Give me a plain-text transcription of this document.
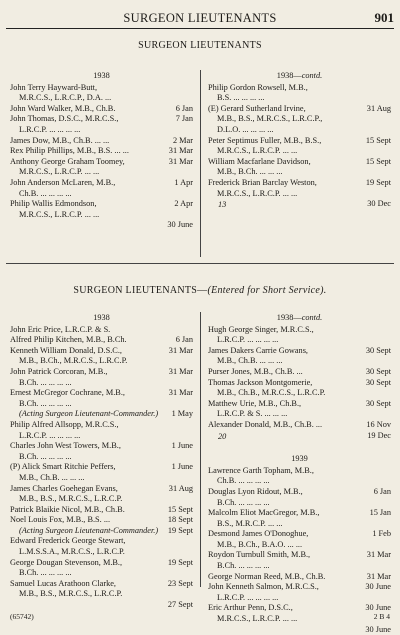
SURGEON LIEUTENANTS	901
SURGEON LIEUTENANTS
1938
John Terry Hayward-Butt,
M.R.C.S., L.R.C.P., D.A. ...
6 Jan
John Ward Walker, M.B., Ch.B.
7 Jan
John Thomas, D.S.C., M.R.C.S.,
L.R.C.P. ... ... ... ...
2 Mar
James Dow, M.B., Ch.B. ... ...
31 Mar
Rex Philip Phillips, M.B., B.S. ... ...
31 Mar
Anthony George Graham Toomey,
M.R.C.S., L.R.C.P. ... ...
1 Apr
John Anderson McLaren, M.B.,
Ch.B. ... ... ... ...
2 Apr
Philip Wallis Edmondson,
M.R.C.S., L.R.C.P. ... ...
30 June
1938—contd.
Philip Gordon Rowsell, M.B.,
B.S. ... ... ... ...
31 Aug
(E) Gerard Sutherland Irvine,
M.B., B.S., M.R.C.S., L.R.C.P.,
D.L.O. ... ... ... ...
15 Sept
Peter Septimus Fuller, M.B., B.S.,
M.R.C.S., L.R.C.P. ... ...
15 Sept
William Macfarlane Davidson,
M.B., B.Ch. ... ... ...
19 Sept
Frederick Brian Barclay Weston,
M.R.C.S., L.R.C.P. ... ...
30 Dec
13
SURGEON LIEUTENANTS—(Entered for Short Service).
1938
John Eric Price, L.R.C.P. & S.
6 Jan
Alfred Philip Kitchen, M.B., B.Ch.
31 Mar
Kenneth William Donald, D.S.C.,
M.B., B.Ch., M.R.C.S., L.R.C.P.
31 Mar
John Patrick Corcoran, M.B.,
B.Ch. ... ... ... ...
31 Mar
Ernest McGregor Cochrane, M.B.,
B.Ch. ... ... ... ...
1 May
(Acting Surgeon Lieutenant-Commander.)
Philip Alfred Allsopp, M.R.C.S.,
L.R.C.P. ... ... ... ...
1 June
Charles John West Towers, M.B.,
B.Ch. ... ... ... ...
1 June
(P) Alick Smart Ritchie Peffers,
M.B., Ch.B. ... ... ...
31 Aug
James Charles Goehegan Evans,
M.B., B.S., M.R.C.S., L.R.C.P.
15 Sept
Patrick Blaikie Nicol, M.B., Ch.B.
18 Sept
Noel Louis Fox, M.B., B.S. ...
19 Sept
(Acting Surgeon Lieutenant-Commander.)
Edward Frederick George Stewart,
L.M.S.S.A., M.R.C.S., L.R.C.P.
19 Sept
George Dougan Stevenson, M.B.,
B.Ch. ... ... ... ...
23 Sept
Samuel Lucas Arathoon Clarke,
M.B., B.S., M.R.C.S., L.R.C.P.
27 Sept
1938—contd.
Hugh George Singer, M.R.C.S.,
L.R.C.P. ... ... ... ...
30 Sept
James Dakers Carrie Gowans,
M.B., Ch.B. ... ... ...
30 Sept
Purser Jones, M.B., Ch.B. ...
30 Sept
Thomas Jackson Montgomerie,
M.B., Ch.B., M.R.C.S., L.R.C.P.
30 Sept
Matthew Urie, M.B., Ch.B.,
L.R.C.P. & S. ... ... ...
16 Nov
Alexander Donald, M.B., Ch.B. ...
19 Dec
20
1939
Lawrence Garth Topham, M.B.,
Ch.B. ... ... ... ...
6 Jan
Douglas Lyon Ridout, M.B.,
B.Ch. ... ... ... ...
15 Jan
Malcolm Eliot MacGregor, M.B.,
B.S., M.R.C.P. ... ...
1 Feb
Desmond James O'Donoghue,
M.B., B.Ch., B.A.O. ... ...
31 Mar
Roydon Turnbull Smith, M.B.,
B.Ch. ... ... ... ...
31 Mar
George Norman Reed, M.B., Ch.B.
30 June
John Kenneth Salmon, M.R.C.S.,
L.R.C.P. ... ... ... ...
30 June
Eric Arthur Penn, D.S.C.,
M.R.C.S., L.R.C.P. ... ...
30 June
(65742)	2 B 4
